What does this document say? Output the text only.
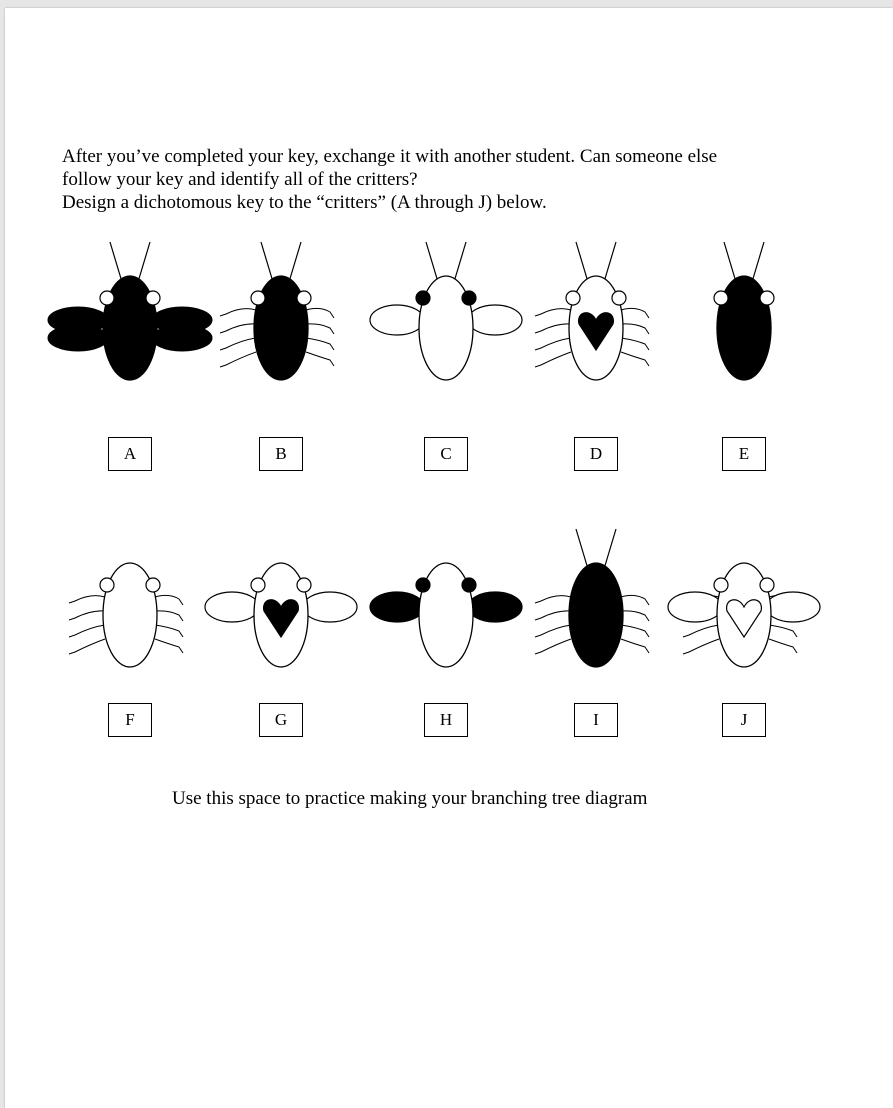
After you’ve completed your key, exchange it with another student. Can someone else
follow your key and identify all of the critters?
Design a dichotomous key to the “critters” (A through J) below.
A	B	C	D	E
F	G	H	I	J
Use this space to practice making your branching tree diagram
